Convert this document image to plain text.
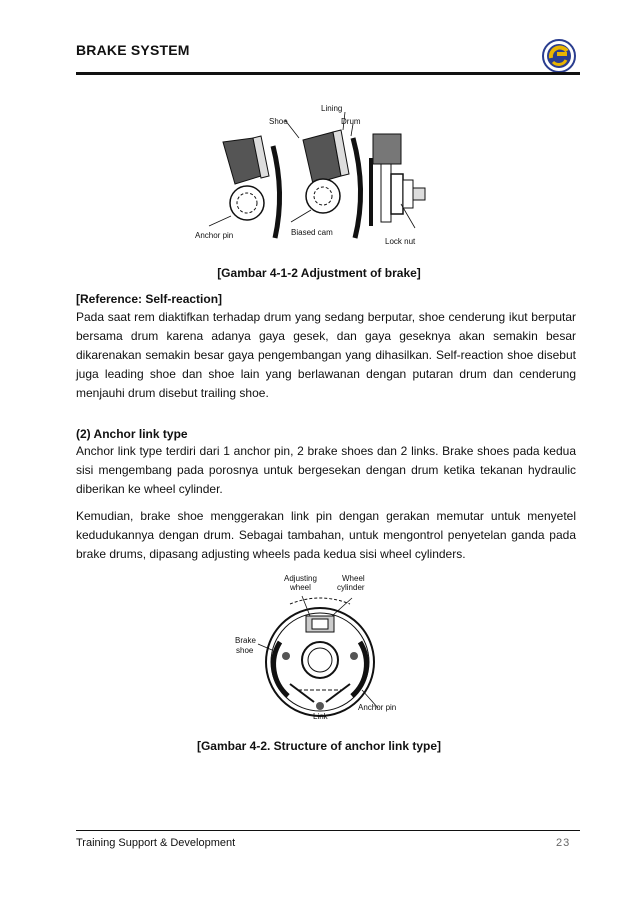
BRAKE SYSTEM
Lining
Shoe	Drum
Anchor pin	Biased cam
Lock nut
[Gambar 4-1-2 Adjustment of brake]
[Reference: Self-reaction]
Pada saat rem diaktifkan terhadap drum yang sedang berputar, shoe cenderung ikut berputar bersama drum karena adanya gaya gesek, dan gaya geseknya akan semakin besar dikarenakan semakin besar gaya pengembangan yang dihasilkan. Self-reaction shoe disebut juga leading shoe dan shoe lain yang berlawanan dengan putaran drum dan cenderung menjauhi drum disebut trailing shoe.
(2) Anchor link type
Anchor link type terdiri dari 1 anchor pin, 2 brake shoes dan 2 links. Brake shoes pada kedua sisi mengembang pada porosnya untuk bergesekan dengan drum ketika tekanan hydraulic diberikan ke wheel cylinder.
Kemudian, brake shoe menggerakan link pin dengan gerakan memutar untuk menyetel kedudukannya dengan drum. Sebagai tambahan, untuk mengontrol penyetelan ganda pada brake drums, dipasang adjusting wheels pada kedua sisi wheel cylinders.
Adjusting
wheel
Wheel
cylinder
Brake
shoe
Anchor pin
Link
[Gambar 4-2. Structure of anchor link type]
Training Support & Development	23
